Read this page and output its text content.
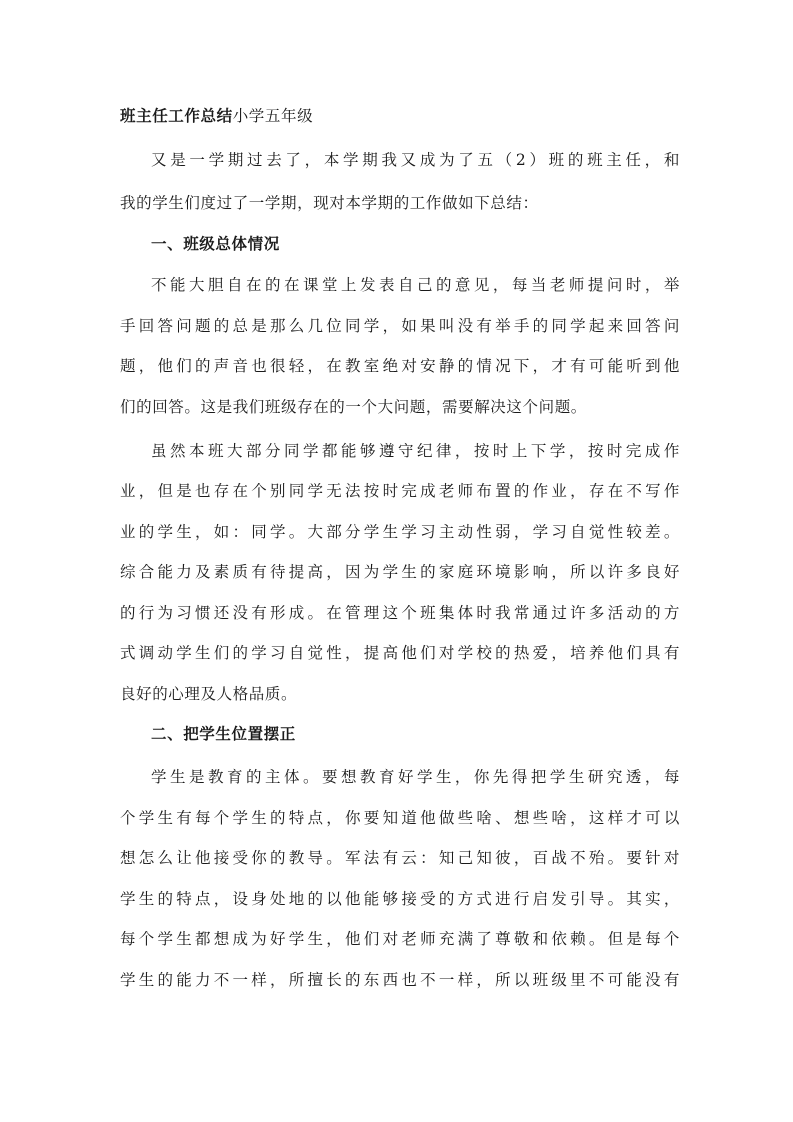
班主任工作总结小学五年级
又是一学期过去了，本学期我又成为了五（2）班的班主任，和
我的学生们度过了一学期，现对本学期的工作做如下总结：
一、班级总体情况
不能大胆自在的在课堂上发表自己的意见，每当老师提问时，举
手回答问题的总是那么几位同学，如果叫没有举手的同学起来回答问
题，他们的声音也很轻，在教室绝对安静的情况下，才有可能听到他
们的回答。这是我们班级存在的一个大问题，需要解决这个问题。
虽然本班大部分同学都能够遵守纪律，按时上下学，按时完成作
业，但是也存在个别同学无法按时完成老师布置的作业，存在不写作
业的学生，如：同学。大部分学生学习主动性弱，学习自觉性较差。
综合能力及素质有待提高，因为学生的家庭环境影响，所以许多良好
的行为习惯还没有形成。在管理这个班集体时我常通过许多活动的方
式调动学生们的学习自觉性，提高他们对学校的热爱，培养他们具有
良好的心理及人格品质。
二、把学生位置摆正
学生是教育的主体。要想教育好学生，你先得把学生研究透，每
个学生有每个学生的特点，你要知道他做些啥、想些啥，这样才可以
想怎么让他接受你的教导。军法有云：知己知彼，百战不殆。要针对
学生的特点，设身处地的以他能够接受的方式进行启发引导。其实，
每个学生都想成为好学生，他们对老师充满了尊敬和依赖。但是每个
学生的能力不一样，所擅长的东西也不一样，所以班级里不可能没有
